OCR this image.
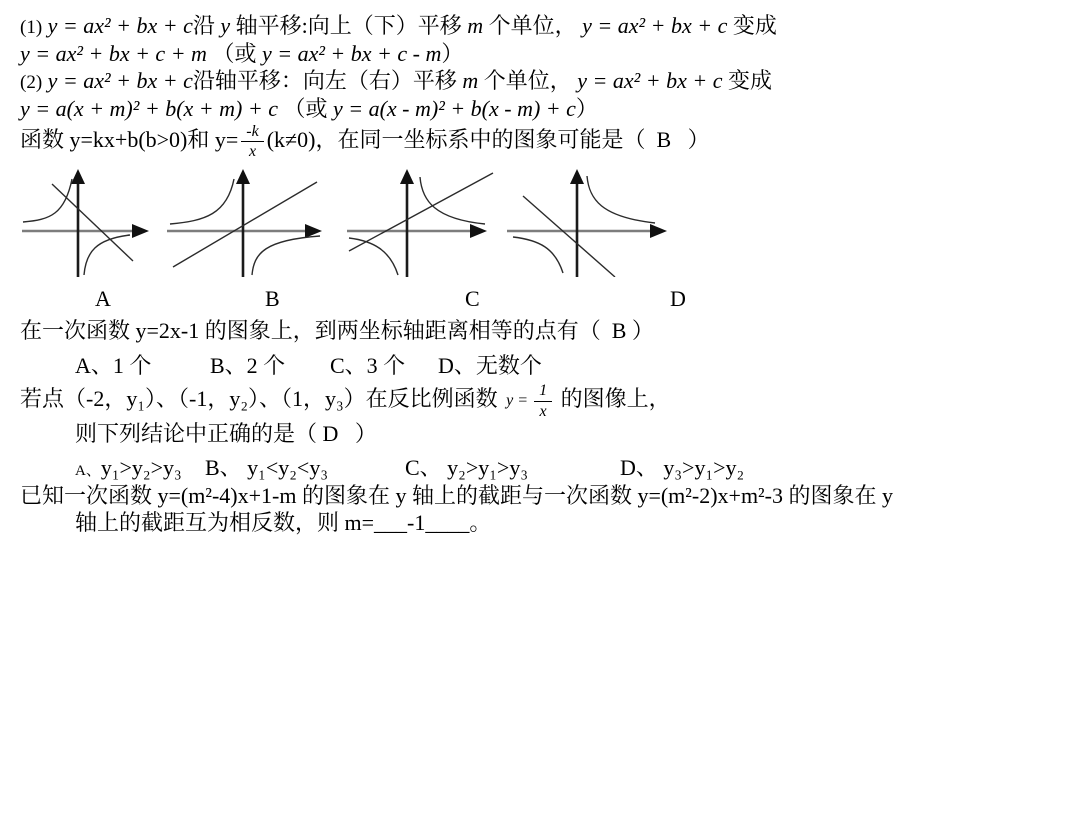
(1) y = ax² + bx + c沿 y 轴平移:向上（下）平移 m 个单位， y = ax² + bx + c 变成

y = ax² + bx + c + m （或 y = ax² + bx + c - m）

(2) y = ax² + bx + c沿轴平移：向左（右）平移 m 个单位， y = ax² + bx + c 变成

y = a(x + m)² + b(x + m) + c （或 y = a(x - m)² + b(x - m) + c）

函数 y=kx+b(b>0)和 $y= \frac{-k}{x} (k\ne 0)$，在同一坐标系中的图象可能是（  B   ）

A	B	C	D

在一次函数 y=2x-1 的图象上，到两坐标轴距离相等的点有（  B ）

A、1 个	B、2 个 C、3 个 D、无数个

若点（-2，y₁）、（-1，y₂）、（1，y₃）在反比例函数 $y = \frac{1}{x}$ 的图像上，

则下列结论中正确的是（ D   ）

A、y₁>y₂>y₃ B、 y₁<y₂<y₃	C、 y₂>y₁>y₃	D、 y₃>y₁>y₂

已知一次函数 y=(m²-4)x+1-m 的图象在 y 轴上的截距与一次函数 y=(m²-2)x+m²-3 的图象在 y

轴上的截距互为相反数，则 m=___-1____。
